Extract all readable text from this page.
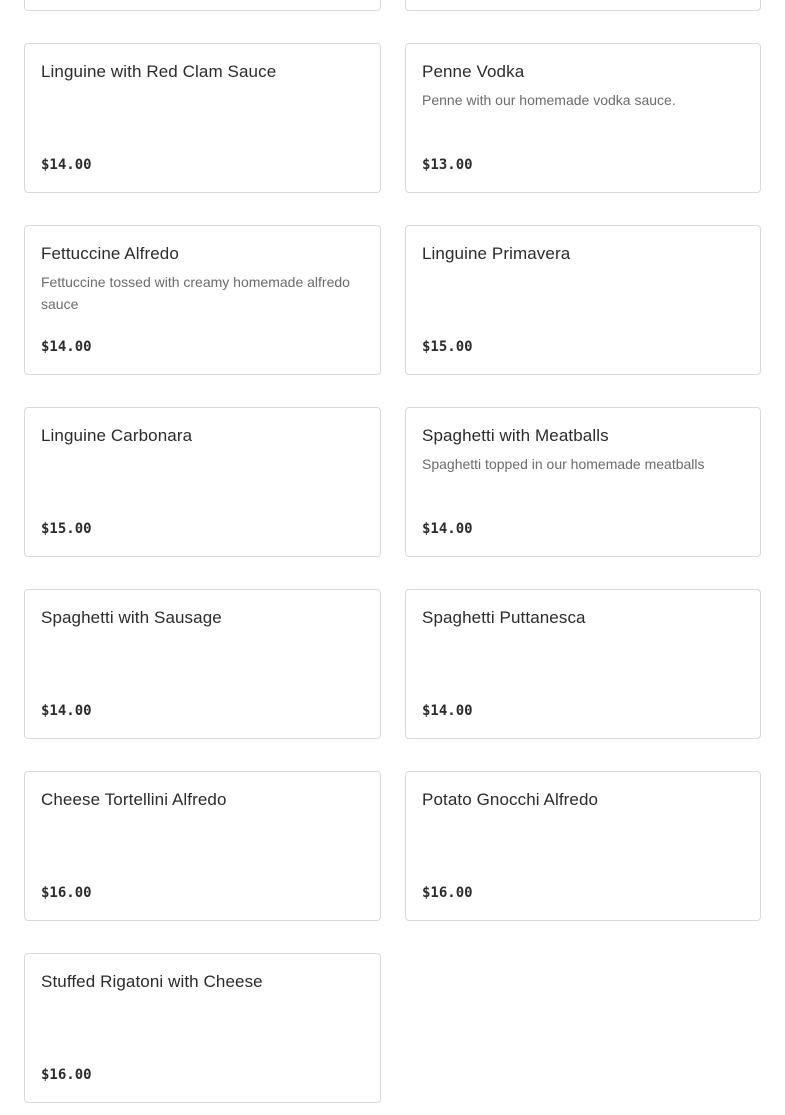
Linguine with Red Clam Sauce
$14.00
Penne Vodka
Penne with our homemade vodka sauce.
$13.00
Fettuccine Alfredo
Fettuccine tossed with creamy homemade alfredo sauce
$14.00
Linguine Primavera
$15.00
Linguine Carbonara
$15.00
Spaghetti with Meatballs
Spaghetti topped in our homemade meatballs
$14.00
Spaghetti with Sausage
$14.00
Spaghetti Puttanesca
$14.00
Cheese Tortellini Alfredo
$16.00
Potato Gnocchi Alfredo
$16.00
Stuffed Rigatoni with Cheese
$16.00
